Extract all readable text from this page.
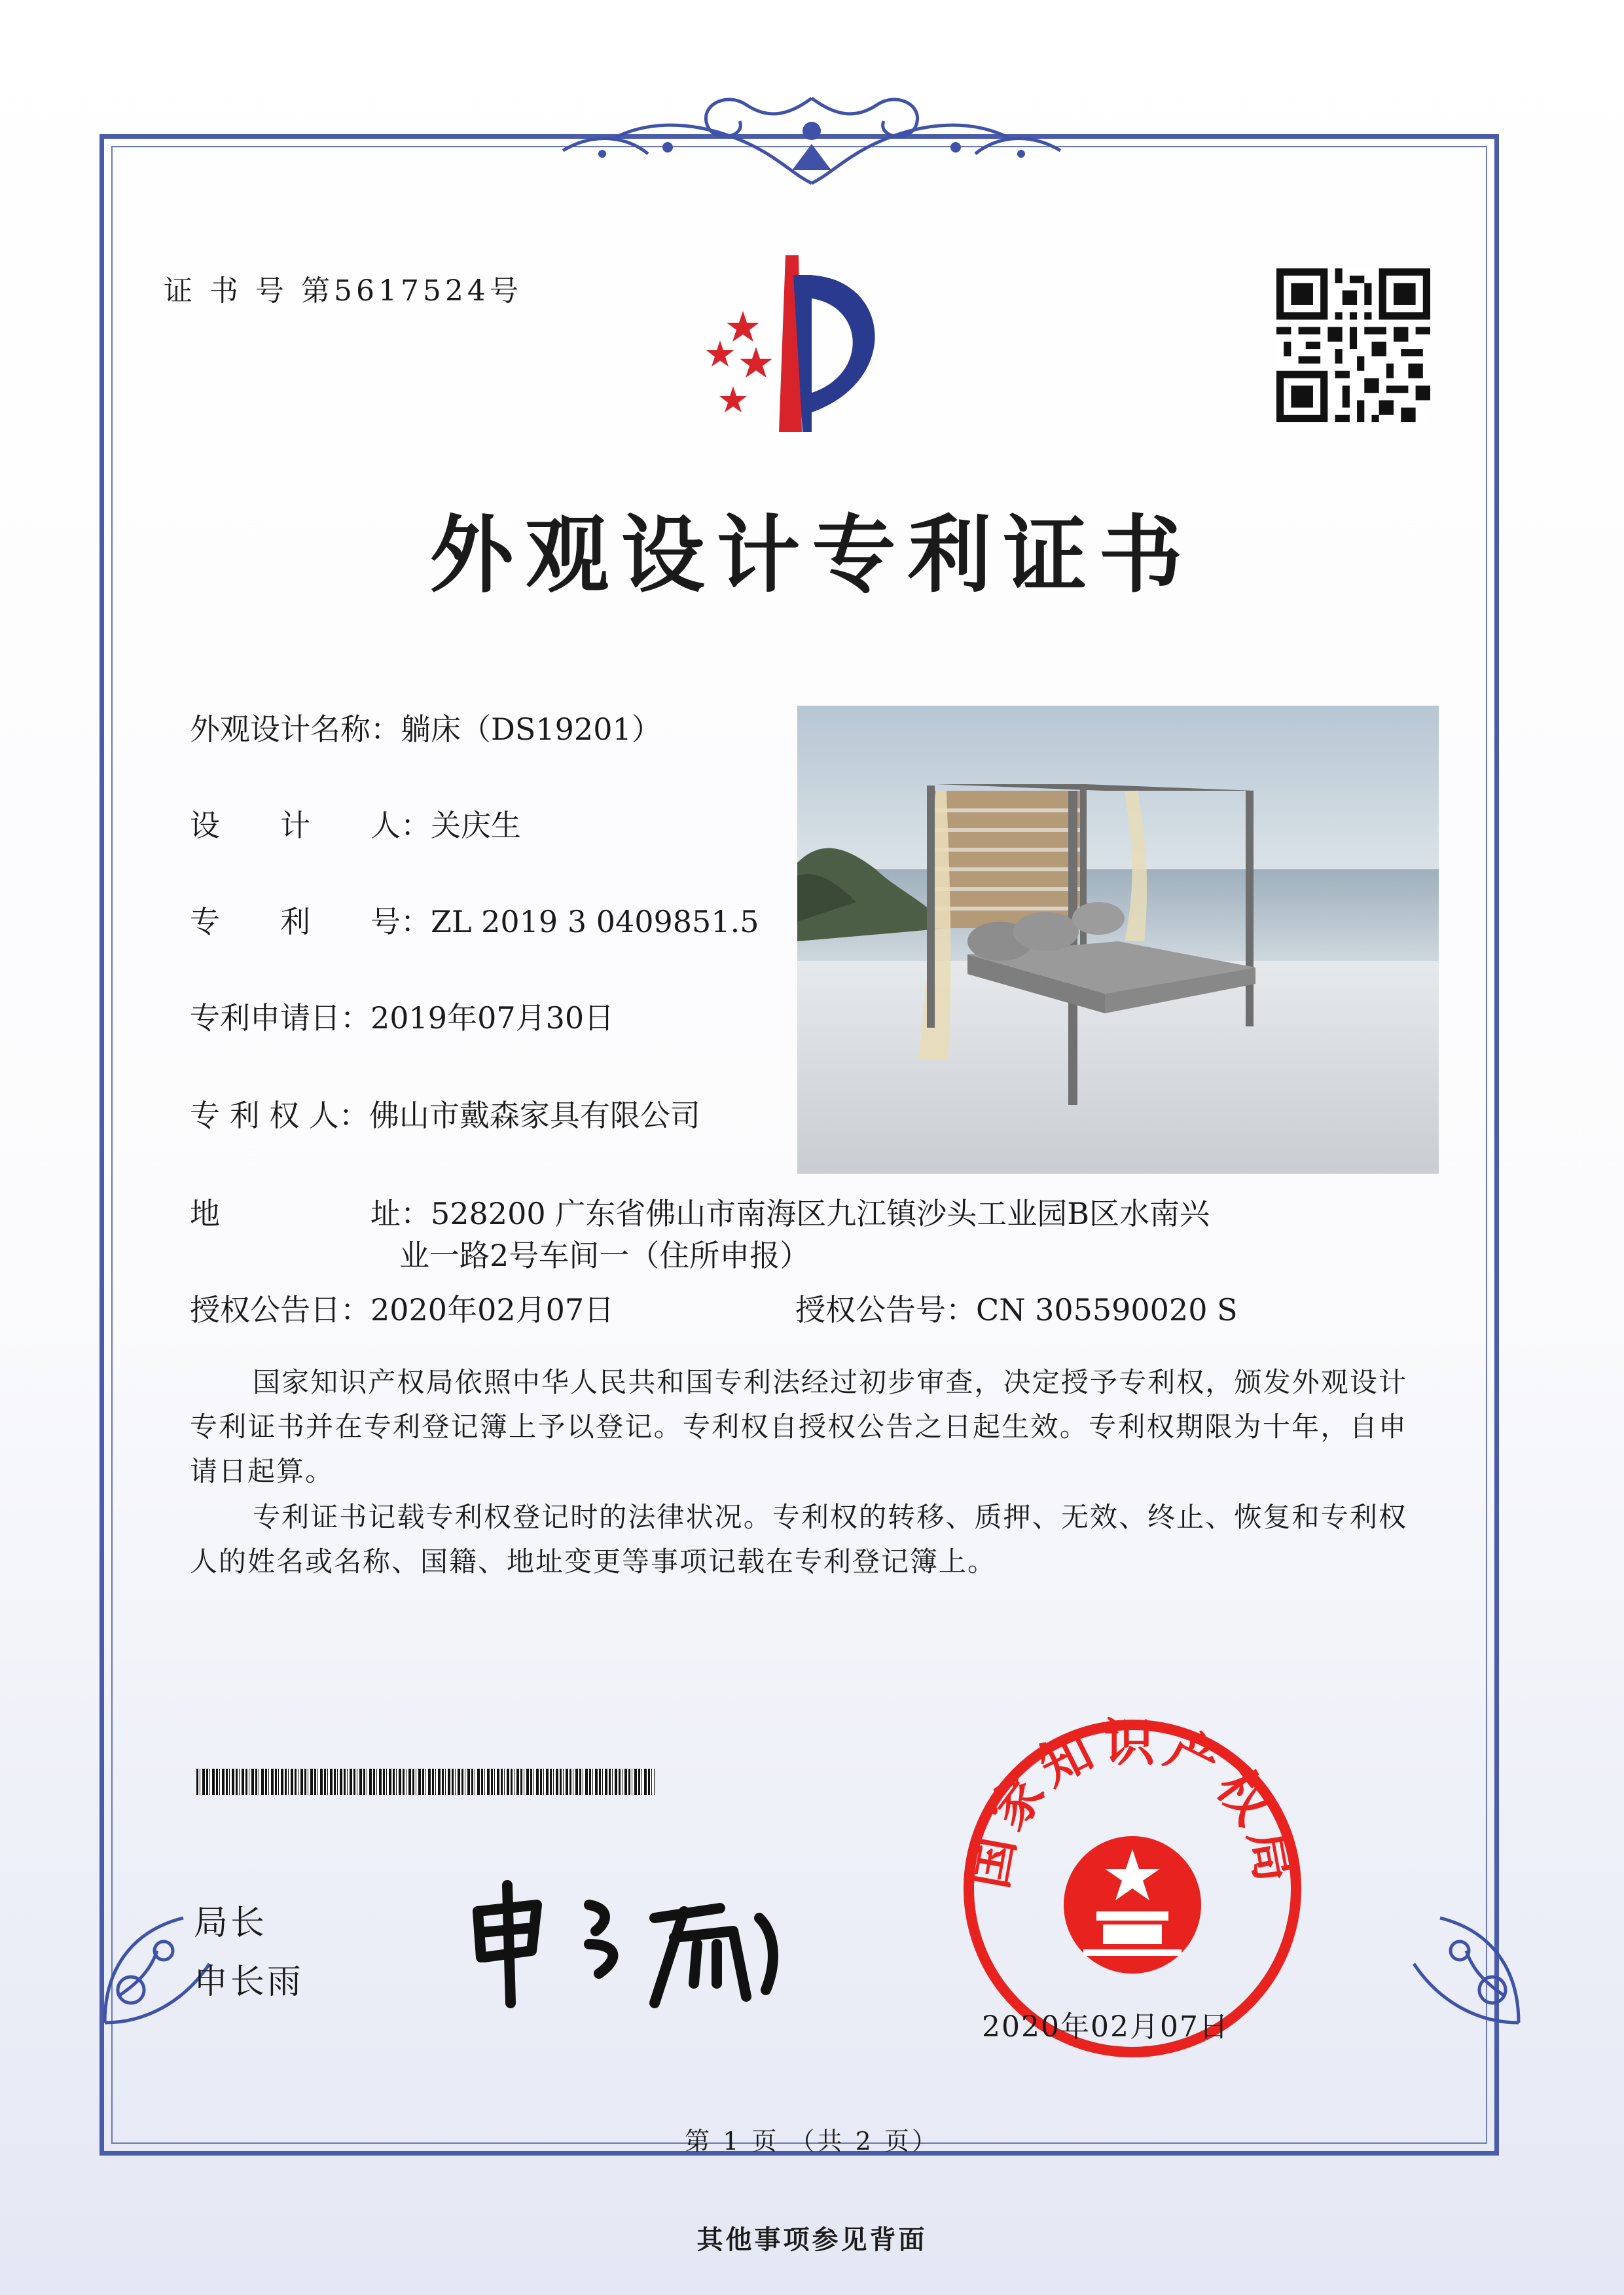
证 书 号 第5617524号
外观设计专利证书
外观设计名称：躺床（DS19201）
设　　计　　人：关庆生
专　　利　　号：ZL 2019 3 0409851.5
专利申请日：2019年07月30日
专 利 权 人：佛山市戴森家具有限公司
地　　　　　址：528200 广东省佛山市南海区九江镇沙头工业园B区水南兴
业一路2号车间一（住所申报）
授权公告日：2020年02月07日	授权公告号：CN 305590020 S
国家知识产权局依照中华人民共和国专利法经过初步审查，决定授予专利权，颁发外观设计专利证书并在专利登记簿上予以登记。专利权自授权公告之日起生效。专利权期限为十年，自申请日起算。
专利证书记载专利权登记时的法律状况。专利权的转移、质押、无效、终止、恢复和专利权人的姓名或名称、国籍、地址变更等事项记载在专利登记簿上。
局长
申长雨
国家知识产权局
2020年02月07日
第 1 页 （共 2 页）
其他事项参见背面
